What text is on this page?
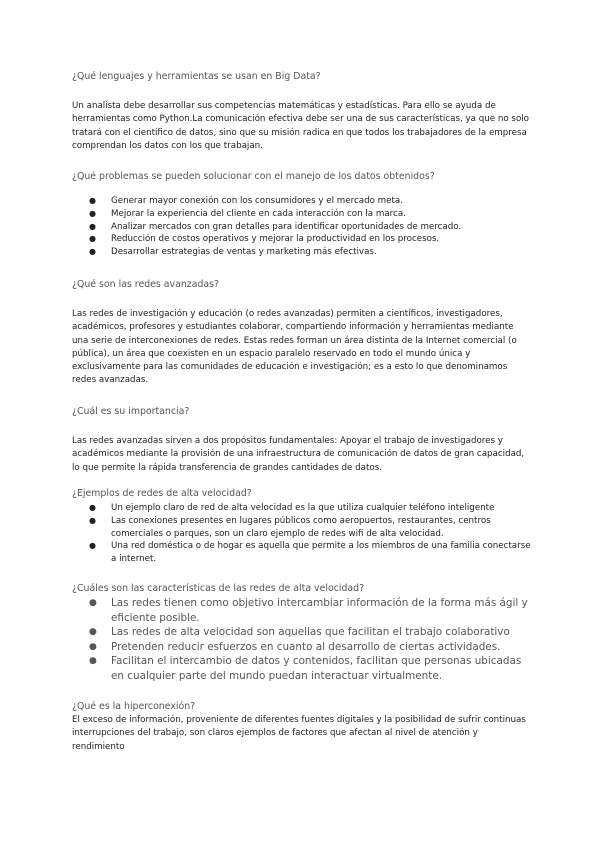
¿Qué lenguajes y herramientas se usan en Big Data?

Un analista debe desarrollar sus competencias matemáticas y estadísticas. Para ello se ayuda de herramientas como Python.La comunicación efectiva debe ser una de sus características, ya que no solo tratará con el científico de datos, sino que su misión radica en que todos los trabajadores de la empresa comprendan los datos con los que trabajan.

¿Qué problemas se pueden solucionar con el manejo de los datos obtenidos?

● Generar mayor conexión con los consumidores y el mercado meta.
● Mejorar la experiencia del cliente en cada interacción con la marca.
● Analizar mercados con gran detalles para identificar oportunidades de mercado.
● Reducción de costos operativos y mejorar la productividad en los procesos.
● Desarrollar estrategias de ventas y marketing más efectivas.

¿Qué son las redes avanzadas?

Las redes de investigación y educación (o redes avanzadas) permiten a científicos, investigadores, académicos, profesores y estudiantes colaborar, compartiendo información y herramientas mediante una serie de interconexiones de redes. Estas redes forman un área distinta de la Internet comercial (o pública), un área que coexisten en un espacio paralelo reservado en todo el mundo única y exclusivamente para las comunidades de educación e investigación; es a esto lo que denominamos redes avanzadas.

¿Cuál es su importancia?

Las redes avanzadas sirven a dos propósitos fundamentales: Apoyar el trabajo de investigadores y académicos mediante la provisión de una infraestructura de comunicación de datos de gran capacidad, lo que permite la rápida transferencia de grandes cantidades de datos.

¿Ejemplos de redes de alta velocidad?

● Un ejemplo claro de red de alta velocidad es la que utiliza cualquier teléfono inteligente
● Las conexiones presentes en lugares públicos como aeropuertos, restaurantes, centros comerciales o parques, son un claro ejemplo de redes wifi de alta velocidad.
● Una red doméstica o de hogar es aquella que permite a los miembros de una familia conectarse a internet.

¿Cuáles son las características de las redes de alta velocidad?

● Las redes tienen como objetivo intercambiar información de la forma más ágil y eficiente posible.
● Las redes de alta velocidad son aquellas que facilitan el trabajo colaborativo
● Pretenden reducir esfuerzos en cuanto al desarrollo de ciertas actividades.
● Facilitan el intercambio de datos y contenidos, facilitan que personas ubicadas en cualquier parte del mundo puedan interactuar virtualmente.

¿Qué es la hiperconexión?

El exceso de información, proveniente de diferentes fuentes digitales y la posibilidad de sufrir continuas interrupciones del trabajo, son claros ejemplos de factores que afectan al nivel de atención y rendimiento
